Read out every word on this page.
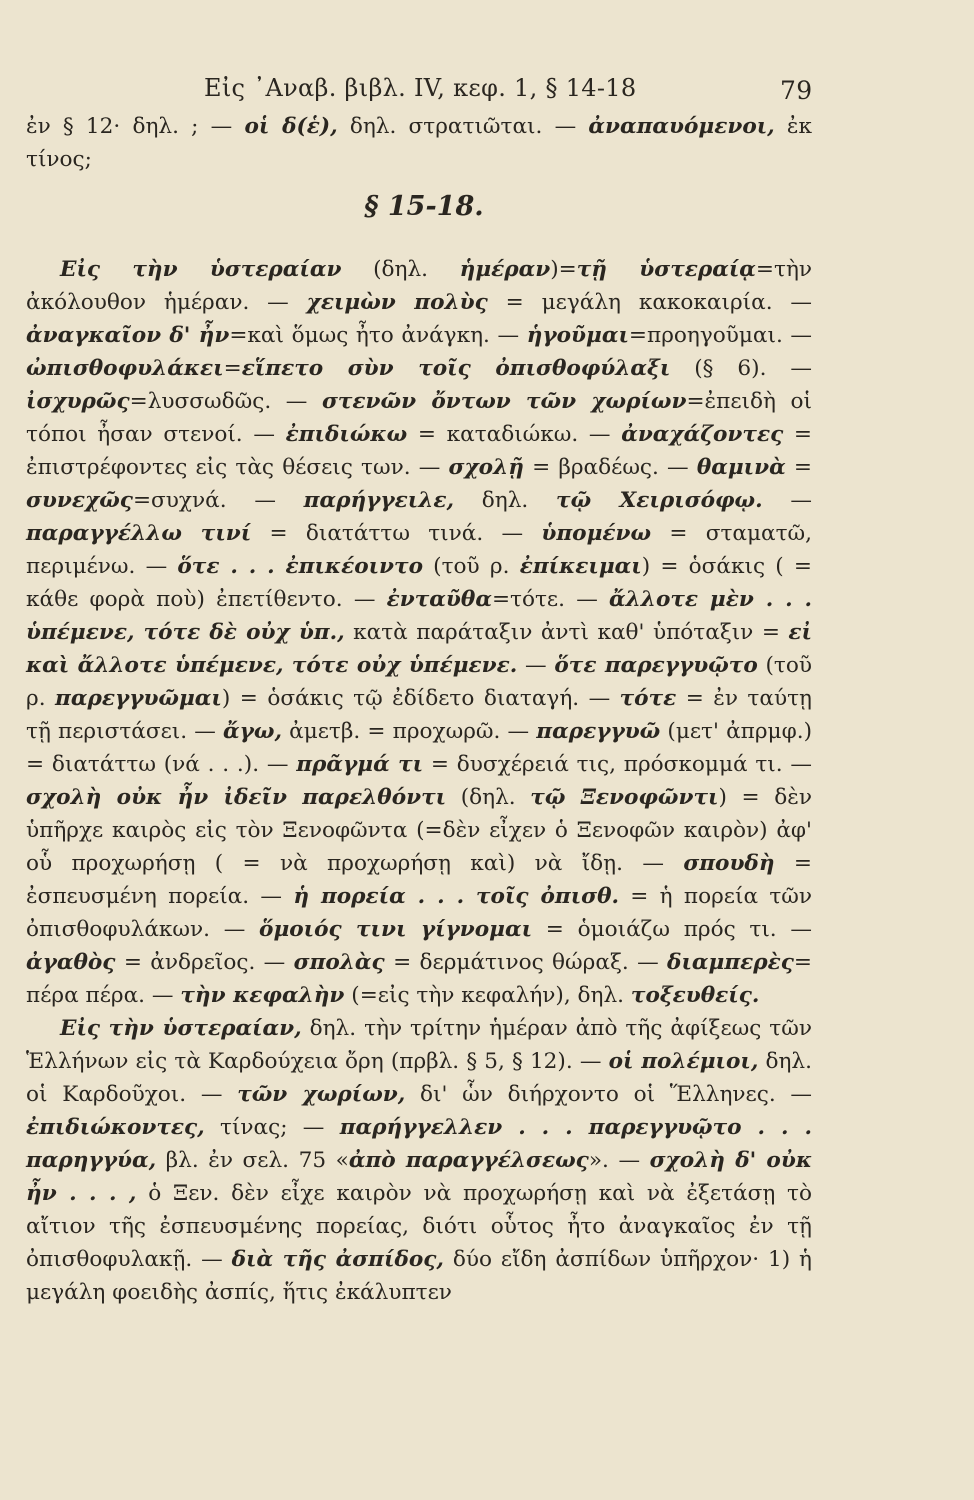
Εἰς ᾿Αναβ. βιβλ. IV, κεφ. 1, § 14-18	79

ἐν § 12· δηλ. ; — οἱ δ(ἑ), δηλ. στρατιῶται. — ἀναπαυόμενοι, ἐκ τίνος;

§ 15-18.

Εἰς τὴν ὑστεραίαν (δηλ. ἡμέραν)=τῇ ὑστεραίᾳ=τὴν ἀκόλουθον ἡμέραν. — χειμὼν πολὺς = μεγάλη κακοκαιρία. — ἀναγκαῖον δ' ἦν=καὶ ὅμως ἦτο ἀνάγκη. — ἡγοῦμαι=προηγοῦμαι. — ὠπισθοφυλάκει=εἵπετο σὺν τοῖς ὀπισθοφύλαξι (§ 6). — ἰσχυρῶς=λυσσωδῶς. — στενῶν ὄντων τῶν χωρίων=ἐπειδὴ οἱ τόποι ἦσαν στενοί. — ἐπιδιώκω = καταδιώκω. — ἀναχάζοντες = ἐπιστρέφοντες εἰς τὰς θέσεις των. — σχολῇ = βραδέως. — θαμινὰ = συνεχῶς=συχνά. — παρήγγειλε, δηλ. τῷ Χειρισόφῳ. — παραγγέλλω τινί = διατάττω τινά. — ὑπομένω = σταματῶ, περιμένω. — ὅτε . . . ἐπικέοιντο (τοῦ ρ. ἐπίκειμαι) = ὁσάκις ( = κάθε φορὰ ποὺ) ἐπετίθεντο. — ἐνταῦθα=τότε. — ἄλλοτε μὲν . . . ὑπέμενε, τότε δὲ οὐχ ὑπ., κατὰ παράταξιν ἀντὶ καθ' ὑπόταξιν = εἰ καὶ ἄλλοτε ὑπέμενε, τότε οὐχ ὑπέμενε. — ὅτε παρεγγυῷτο (τοῦ ρ. παρεγγυῶμαι) = ὁσάκις τῷ ἐδίδετο διαταγή. — τότε = ἐν ταύτῃ τῇ περιστάσει. — ἄγω, ἀμετβ. = προχωρῶ. — παρεγγυῶ (μετ' ἀπρμφ.) = διατάττω (νά . . .). — πρᾶγμά τι = δυσχέρειά τις, πρόσκομμά τι. — σχολὴ οὐκ ἦν ἰδεῖν παρελθόντι (δηλ. τῷ Ξενοφῶντι) = δὲν ὑπῆρχε καιρὸς εἰς τὸν Ξενοφῶντα (=δὲν εἶχεν ὁ Ξενοφῶν καιρὸν) ἀφ' οὗ προχωρήσῃ ( = νὰ προχωρήσῃ καὶ) νὰ ἴδῃ. — σπουδὴ = ἐσπευσμένη πορεία. — ἡ πορεία . . . τοῖς ὀπισθ. = ἡ πορεία τῶν ὀπισθοφυλάκων. — ὅμοιός τινι γίγνομαι = ὁμοιάζω πρός τι. — ἀγαθὸς = ἀνδρεῖος. — σπολὰς = δερμάτινος θώραξ. — διαμπερὲς= πέρα πέρα. — τὴν κεφαλὴν (=εἰς τὴν κεφαλήν), δηλ. τοξευθείς.

Εἰς τὴν ὑστεραίαν, δηλ. τὴν τρίτην ἡμέραν ἀπὸ τῆς ἀφίξεως τῶν Ἑλλήνων εἰς τὰ Καρδούχεια ὄρη (πρβλ. § 5, § 12). — οἱ πολέμιοι, δηλ. οἱ Καρδοῦχοι. — τῶν χωρίων, δι' ὧν διήρχοντο οἱ Ἕλληνες. — ἐπιδιώκοντες, τίνας; — παρήγγελλεν . . . παρεγγυῷτο . . . παρηγγύα, βλ. ἐν σελ. 75 «ἀπὸ παραγγέλσεως». — σχολὴ δ' οὐκ ἦν . . . , ὁ Ξεν. δὲν εἶχε καιρὸν νὰ προχωρήσῃ καὶ νὰ ἐξετάσῃ τὸ αἴτιον τῆς ἐσπευσμένης πορείας, διότι οὗτος ἦτο ἀναγκαῖος ἐν τῇ ὀπισθοφυλακῇ. — διὰ τῆς ἀσπίδος, δύο εἴδη ἀσπίδων ὑπῆρχον· 1) ἡ μεγάλη φοειδὴς ἀσπίς, ἥτις ἐκάλυπτεν
